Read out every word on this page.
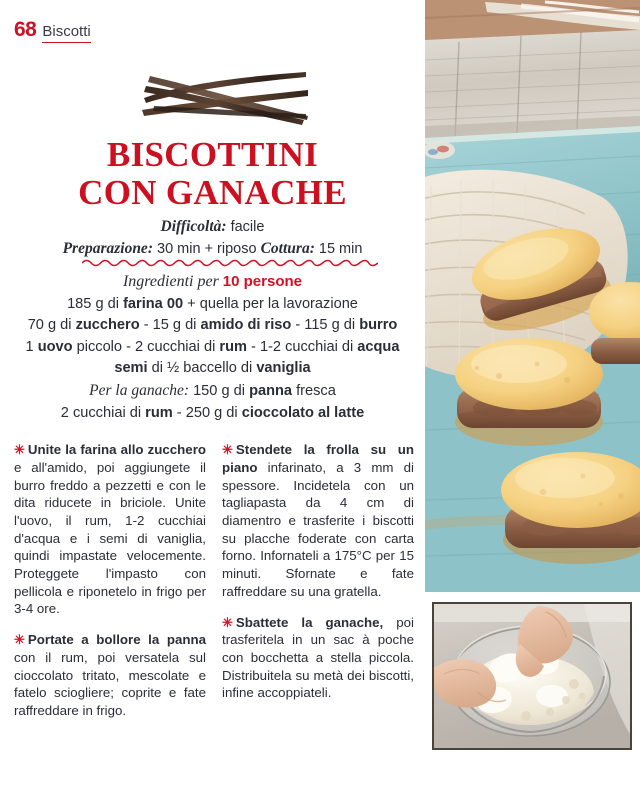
68 Biscotti
BISCOTTINI
CON GANACHE
Difficoltà: facile
Preparazione: 30 min + riposo Cottura: 15 min
Ingredienti per 10 persone
185 g di farina 00 + quella per la lavorazione
70 g di zucchero - 15 g di amido di riso - 115 g di burro
1 uovo piccolo - 2 cucchiai di rum - 1-2 cucchiai di acqua
semi di ½ baccello di vaniglia
Per la ganache: 150 g di panna fresca
2 cucchiai di rum - 250 g di cioccolato al latte

✳ Unite la farina allo zucchero e all'amido, poi aggiungete il burro freddo a pezzetti e con le dita riducete in briciole. Unite l'uovo, il rum, 1-2 cucchiai d'acqua e i semi di vaniglia, quindi impastate velocemente. Proteggete l'impasto con pellicola e riponetelo in frigo per 3-4 ore.

✳ Portate a bollore la panna con il rum, poi versatela sul cioccolato tritato, mescolate e fatelo sciogliere; coprite e fate raffreddare in frigo.

✳ Stendete la frolla su un piano infarinato, a 3 mm di spessore. Incidetela con un tagliapasta da 4 cm di diamentro e trasferite i biscotti su placche foderate con carta forno. Infornateli a 175°C per 15 minuti. Sfornate e fate raffreddare su una gratella.

✳ Sbattete la ganache, poi trasferitela in un sac à poche con bocchetta a stella piccola. Distribuitela su metà dei biscotti, infine accoppiateli.
